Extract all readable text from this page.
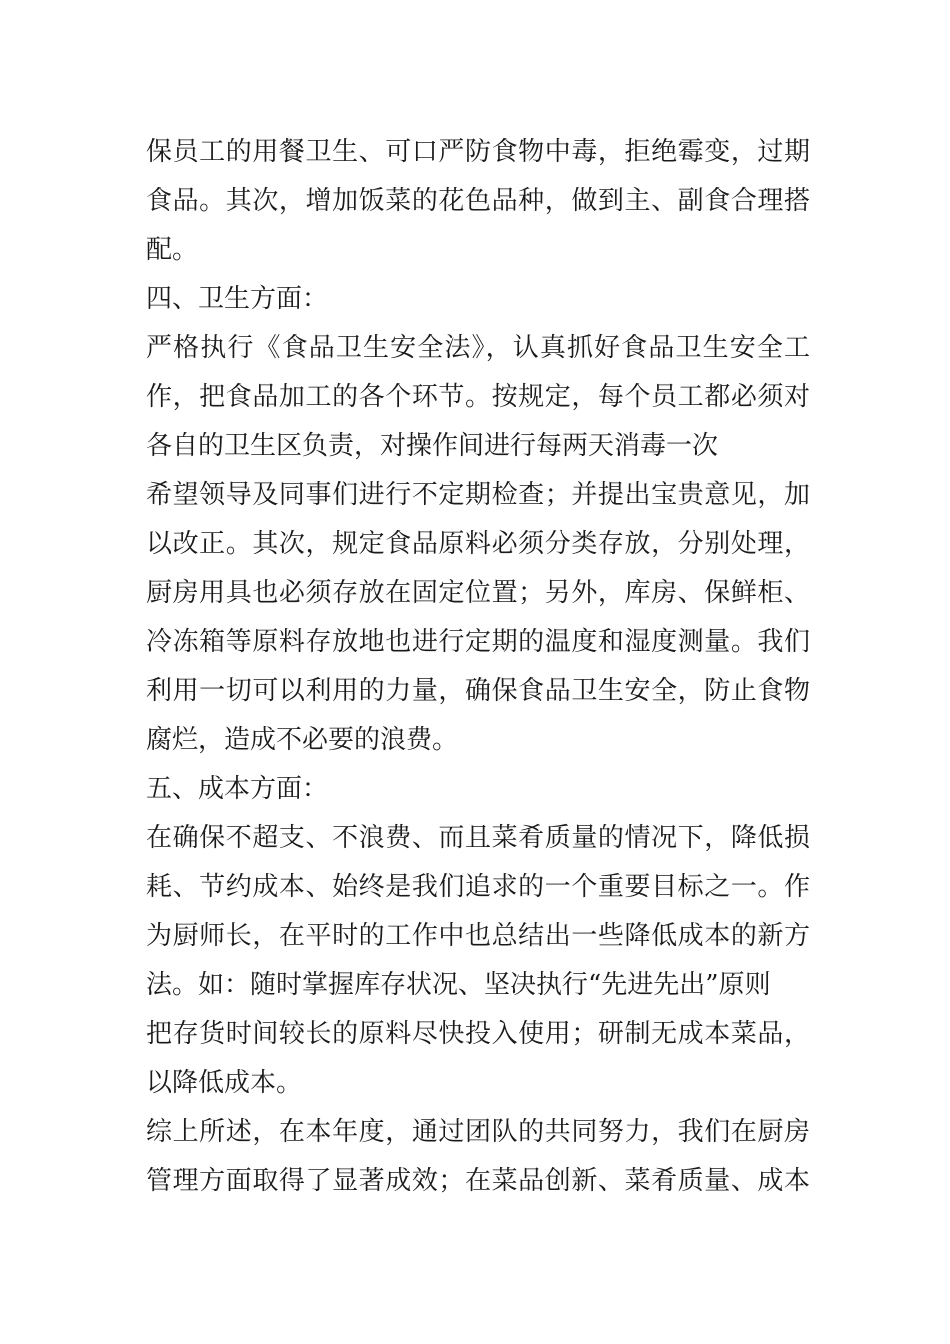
保员工的用餐卫生、可口严防食物中毒，拒绝霉变，过期
食品。其次，增加饭菜的花色品种，做到主、副食合理搭
配。
四、卫生方面：
严格执行《食品卫生安全法》，认真抓好食品卫生安全工
作，把食品加工的各个环节。按规定，每个员工都必须对
各自的卫生区负责，对操作间进行每两天消毒一次
希望领导及同事们进行不定期检查；并提出宝贵意见，加
以改正。其次，规定食品原料必须分类存放，分别处理，
厨房用具也必须存放在固定位置；另外，库房、保鲜柜、
冷冻箱等原料存放地也进行定期的温度和湿度测量。我们
利用一切可以利用的力量，确保食品卫生安全，防止食物
腐烂，造成不必要的浪费。
五、成本方面：
在确保不超支、不浪费、而且菜肴质量的情况下，降低损
耗、节约成本、始终是我们追求的一个重要目标之一。作
为厨师长，在平时的工作中也总结出一些降低成本的新方
法。如：随时掌握库存状况、坚决执行“先进先出”原则
把存货时间较长的原料尽快投入使用；研制无成本菜品，
以降低成本。
综上所述，在本年度，通过团队的共同努力，我们在厨房
管理方面取得了显著成效；在菜品创新、菜肴质量、成本
